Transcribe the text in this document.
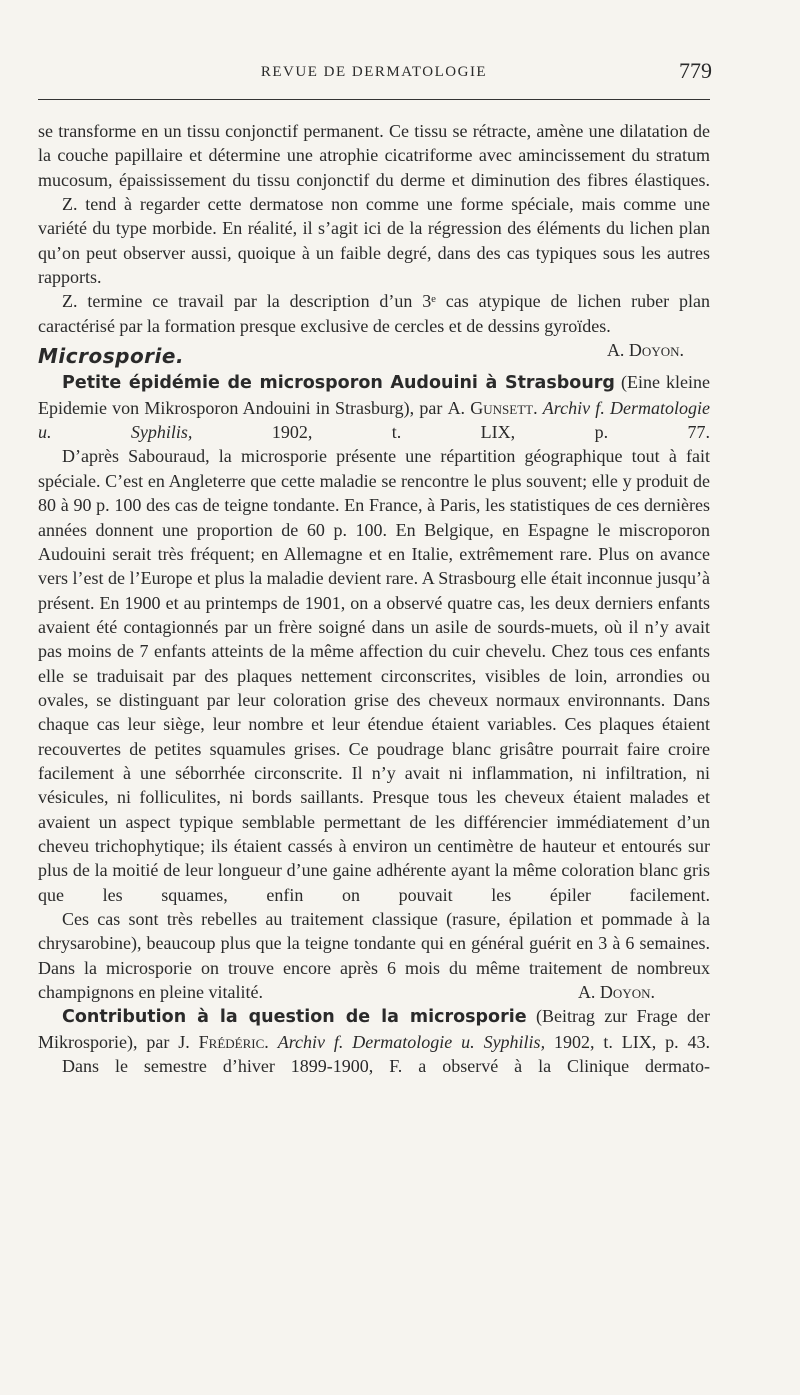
REVUE DE DERMATOLOGIE	779

se transforme en un tissu conjonctif permanent. Ce tissu se rétracte, amène une dilatation de la couche papillaire et détermine une atrophie cicatriforme avec amincissement du stratum mucosum, épaississement du tissu conjonctif du derme et diminution des fibres élastiques.

Z. tend à regarder cette dermatose non comme une forme spéciale, mais comme une variété du type morbide. En réalité, il s’agit ici de la régression des éléments du lichen plan qu’on peut observer aussi, quoique à un faible degré, dans des cas typiques sous les autres rapports.

Z. termine ce travail par la description d’un 3ᵉ cas atypique de lichen ruber plan caractérisé par la formation presque exclusive de cercles et de dessins gyroïdes.
A. Doyon.

Microsporie.

Petite épidémie de microsporon Audouini à Strasbourg (Eine kleine Epidemie von Mikrosporon Andouini in Strasburg), par A. Gunsett. Archiv f. Dermatologie u. Syphilis,	1902, t. LIX, p. 77.

D’après Sabouraud, la microsporie présente une répartition géographique tout à fait spéciale. C’est en Angleterre que cette maladie se rencontre le plus souvent; elle y produit de 80 à 90 p. 100 des cas de teigne tondante. En France, à Paris, les statistiques de ces dernières années donnent une proportion de 60 p. 100. En Belgique, en Espagne le miscroporon Audouini serait très fréquent; en Allemagne et en Italie, extrêmement rare. Plus on avance vers l’est de l’Europe et plus la maladie devient rare. A Strasbourg elle était inconnue jusqu’à présent. En 1900 et au printemps de 1901, on a observé quatre cas, les deux derniers enfants avaient été contagionnés par un frère soigné dans un asile de sourds-muets, où il n’y avait pas moins de 7 enfants atteints de la même affection du cuir chevelu. Chez tous ces enfants elle se traduisait par des plaques nettement circonscrites, visibles de loin, arrondies ou ovales, se distinguant par leur coloration grise des cheveux normaux environnants. Dans chaque cas leur siège, leur nombre et leur étendue étaient variables. Ces plaques étaient recouvertes de petites squamules grises. Ce poudrage blanc grisâtre pourrait faire croire facilement à une séborrhée circonscrite. Il n’y avait ni inflammation, ni infiltration, ni vésicules, ni folliculites, ni bords saillants. Presque tous les cheveux étaient malades et avaient un aspect typique semblable permettant de les différencier immédiatement d’un cheveu trichophytique; ils étaient cassés à environ un centimètre de hauteur et entourés sur plus de la moitié de leur longueur d’une gaine adhérente ayant la même coloration blanc gris que les squames, enfin on pouvait les épiler facilement.

Ces cas sont très rebelles au traitement classique (rasure, épilation et pommade à la chrysarobine), beaucoup plus que la teigne tondante qui en général guérit en 3 à 6 semaines. Dans la microsporie on trouve encore après 6 mois du même traitement de nombreux champignons en pleine vitalité.	A. Doyon.

Contribution à la question de la microsporie (Beitrag zur Frage der Mikrosporie), par J. Frédéric. Archiv f. Dermatologie u. Syphilis, 1902, t. LIX, p. 43.

Dans le semestre d’hiver 1899-1900, F. a observé à la Clinique dermato-
